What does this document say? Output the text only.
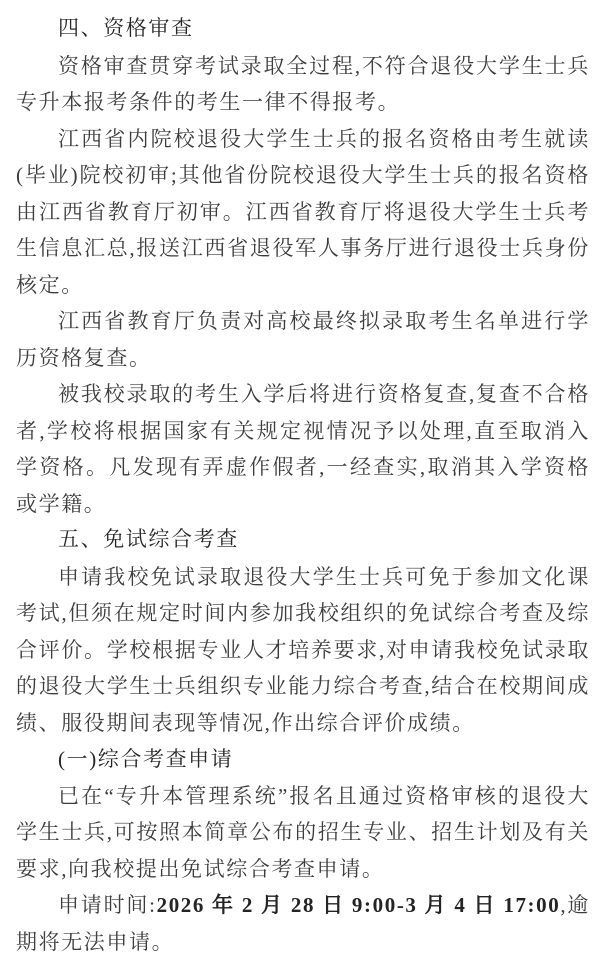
四、资格审查

资格审查贯穿考试录取全过程,不符合退役大学生士兵专升本报考条件的考生一律不得报考。

江西省内院校退役大学生士兵的报名资格由考生就读(毕业)院校初审;其他省份院校退役大学生士兵的报名资格由江西省教育厅初审。江西省教育厅将退役大学生士兵考生信息汇总,报送江西省退役军人事务厅进行退役士兵身份核定。

江西省教育厅负责对高校最终拟录取考生名单进行学历资格复查。

被我校录取的考生入学后将进行资格复查,复查不合格者,学校将根据国家有关规定视情况予以处理,直至取消入学资格。凡发现有弄虚作假者,一经查实,取消其入学资格或学籍。

五、免试综合考查

申请我校免试录取退役大学生士兵可免于参加文化课考试,但须在规定时间内参加我校组织的免试综合考查及综合评价。学校根据专业人才培养要求,对申请我校免试录取的退役大学生士兵组织专业能力综合考查,结合在校期间成绩、服役期间表现等情况,作出综合评价成绩。

(一)综合考查申请

已在“专升本管理系统”报名且通过资格审核的退役大学生士兵,可按照本简章公布的招生专业、招生计划及有关要求,向我校提出免试综合考查申请。

申请时间:2026 年 2 月 28 日 9:00-3 月 4 日 17:00,逾期将无法申请。
